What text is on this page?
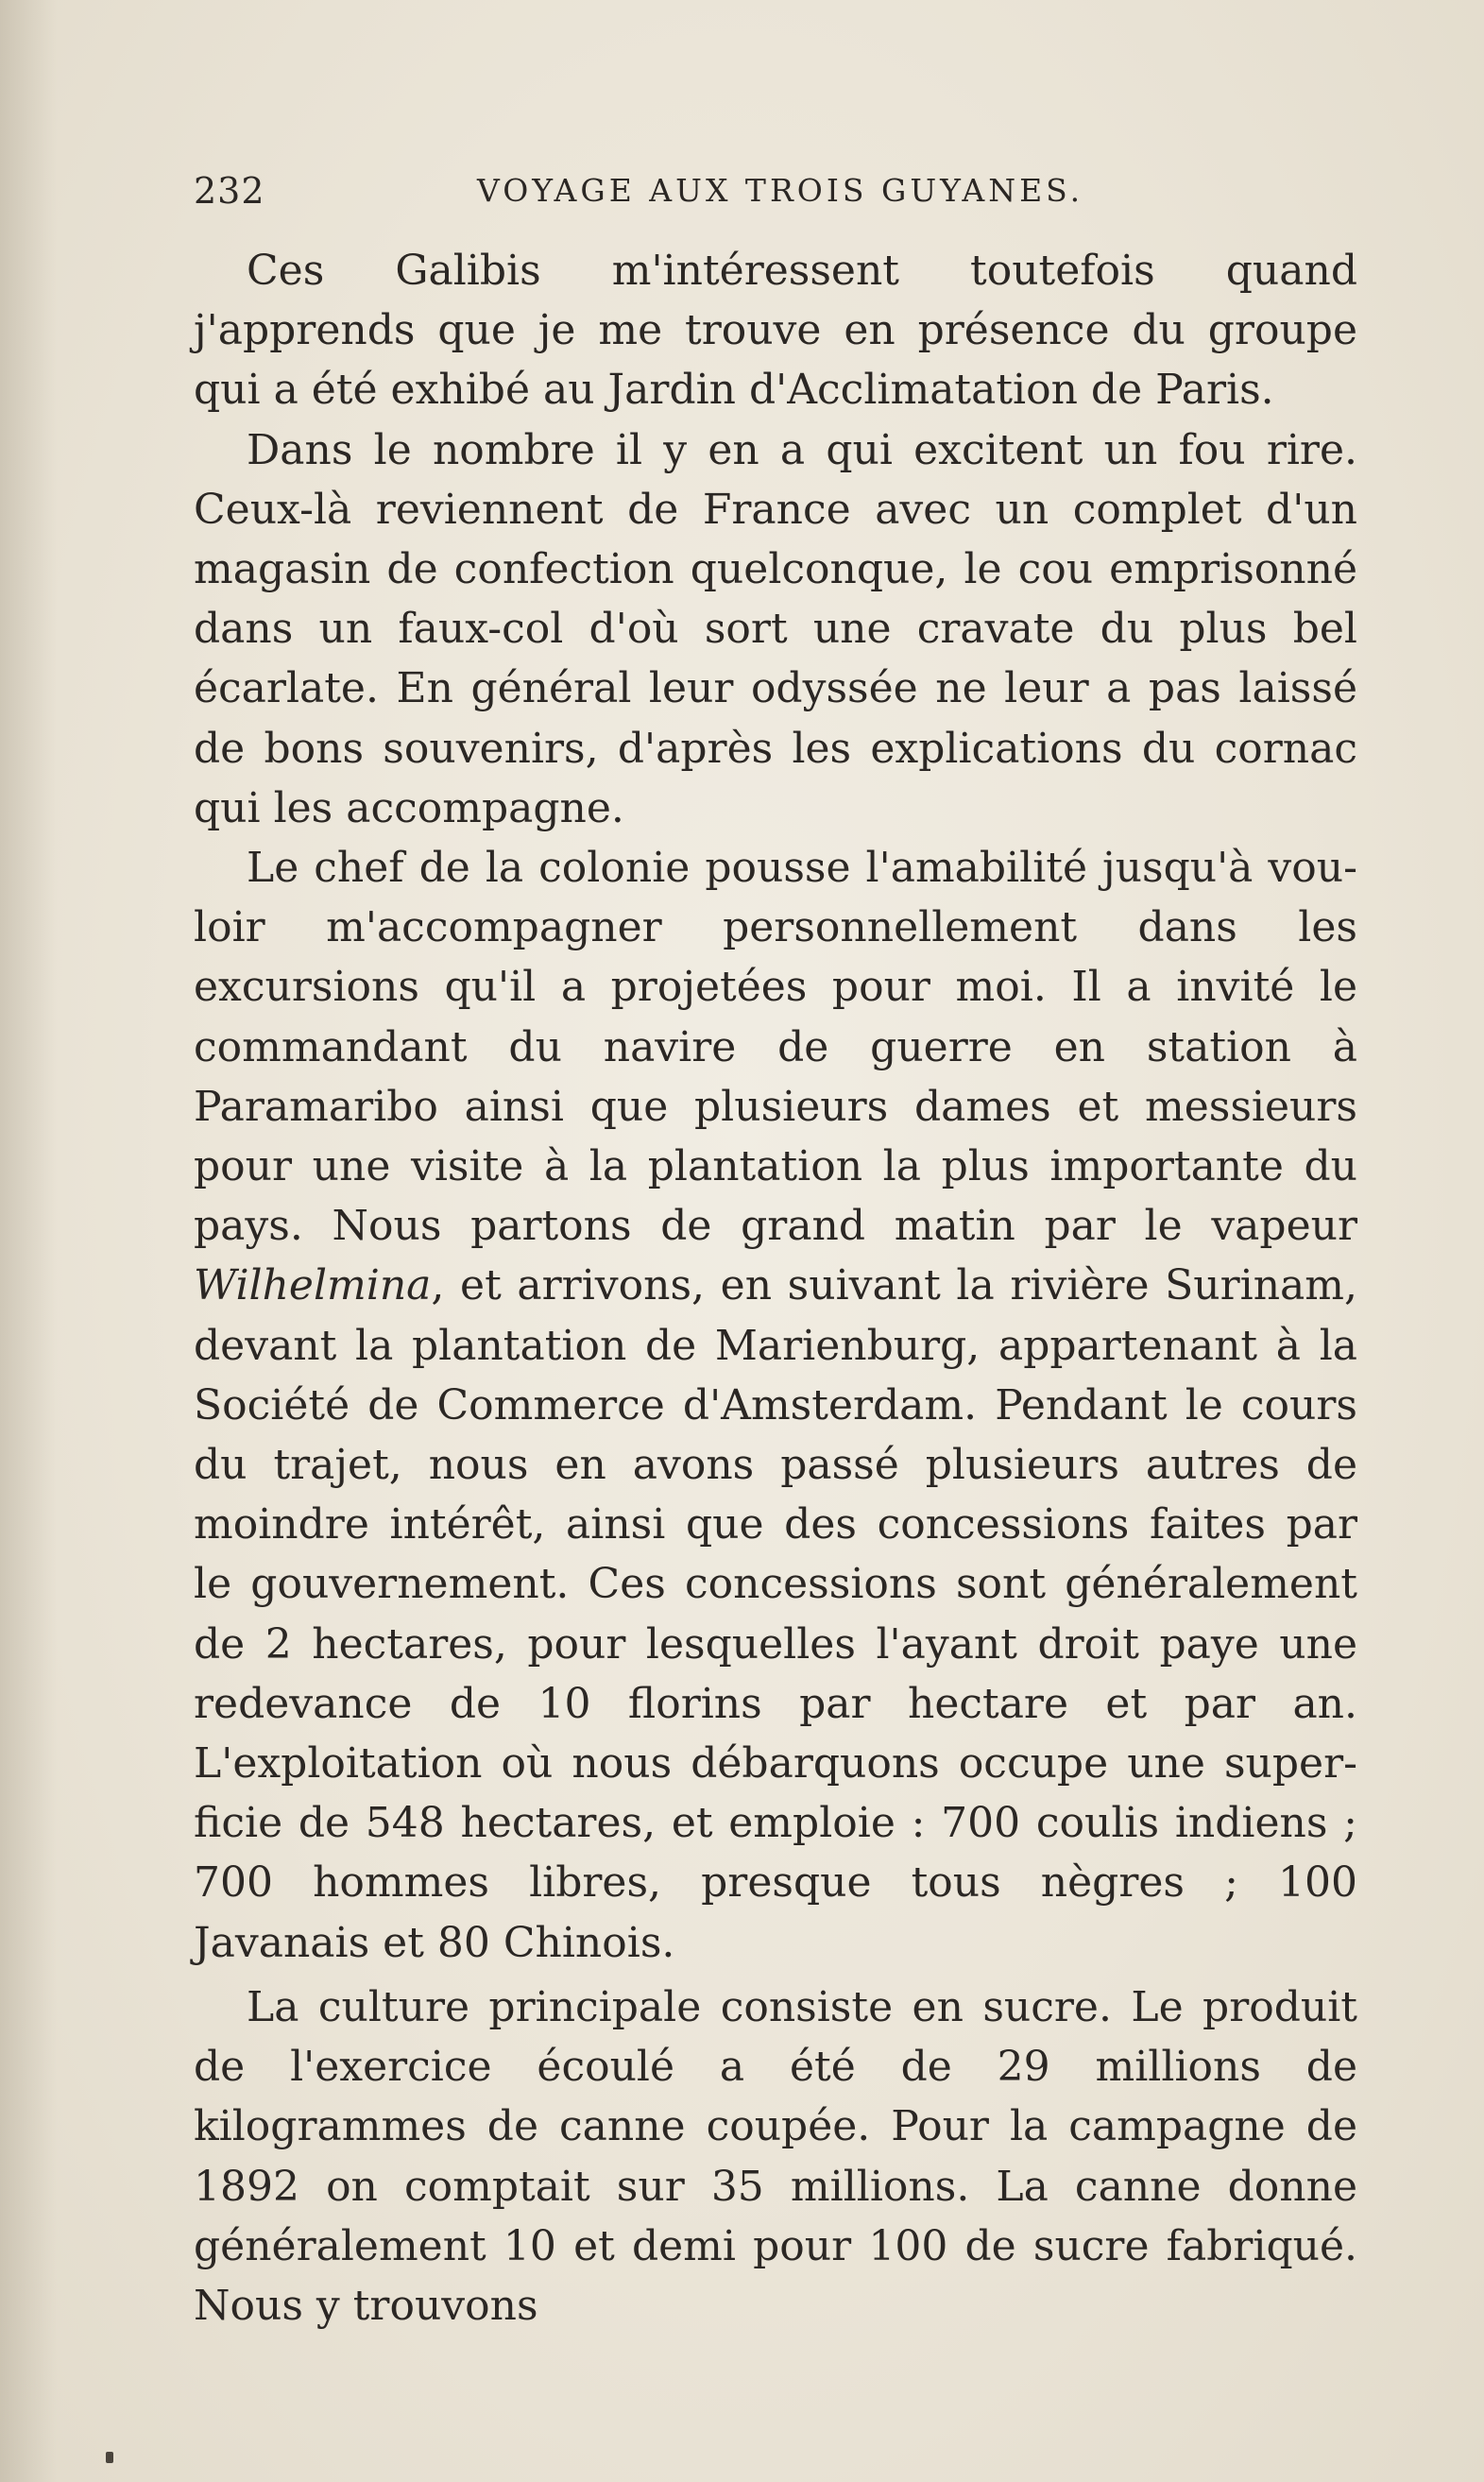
232	VOYAGE AUX TROIS GUYANES.

Ces Galibis m'intéressent toutefois quand j'apprends que je me trouve en présence du groupe qui a été exhibé au Jardin d'Acclimatation de Paris.

Dans le nombre il y en a qui excitent un fou rire. Ceux-là reviennent de France avec un complet d'un magasin de confection quelconque, le cou emprisonné dans un faux-col d'où sort une cravate du plus bel écarlate. En général leur odyssée ne leur a pas laissé de bons souvenirs, d'après les explications du cornac qui les accompagne.

Le chef de la colonie pousse l'amabilité jusqu'à vouloir m'accompagner personnellement dans les excursions qu'il a projetées pour moi. Il a invité le commandant du navire de guerre en station à Paramaribo ainsi que plusieurs dames et messieurs pour une visite à la plantation la plus importante du pays. Nous partons de grand matin par le vapeur Wilhelmina, et arrivons, en suivant la rivière Surinam, devant la plantation de Marienburg, appartenant à la Société de Commerce d'Amsterdam. Pendant le cours du trajet, nous en avons passé plusieurs autres de moindre intérêt, ainsi que des concessions faites par le gouvernement. Ces concessions sont généralement de 2 hectares, pour lesquelles l'ayant droit paye une redevance de 10 florins par hectare et par an. L'exploitation où nous débarquons occupe une superficie de 548 hectares, et emploie : 700 coulis indiens ; 700 hommes libres, presque tous nègres ; 100 Javanais et 80 Chinois.

La culture principale consiste en sucre. Le produit de l'exercice écoulé a été de 29 millions de kilogrammes de canne coupée. Pour la campagne de 1892 on comptait sur 35 millions. La canne donne généralement 10 et demi pour 100 de sucre fabriqué. Nous y trouvons
